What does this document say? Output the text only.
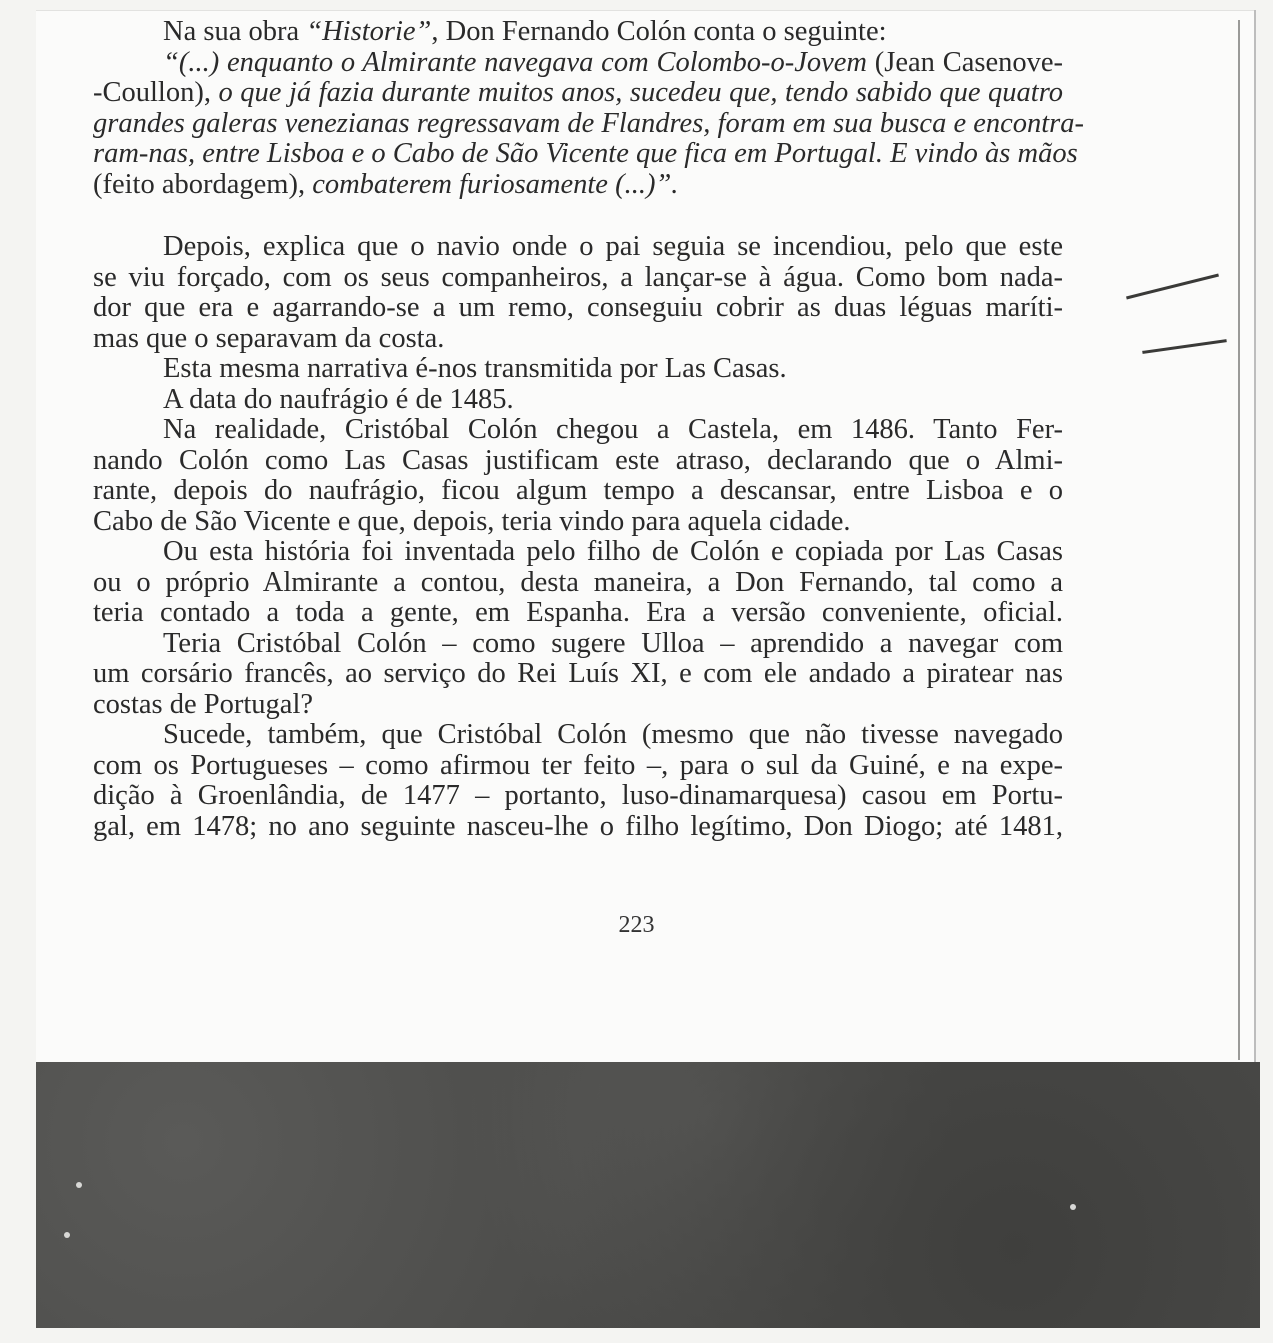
Na sua obra “Historie”, Don Fernando Colón conta o seguinte:
“(...) enquanto o Almirante navegava com Colombo-o-Jovem (Jean Casenove-
-Coullon), o que já fazia durante muitos anos, sucedeu que, tendo sabido que quatro
grandes galeras venezianas regressavam de Flandres, foram em sua busca e encontra-
ram-nas, entre Lisboa e o Cabo de São Vicente que fica em Portugal. E vindo às mãos
(feito abordagem), combaterem furiosamente (...)”.
Depois, explica que o navio onde o pai seguia se incendiou, pelo que este
se viu forçado, com os seus companheiros, a lançar-se à água. Como bom nada-
dor que era e agarrando-se a um remo, conseguiu cobrir as duas léguas maríti-
mas que o separavam da costa.
Esta mesma narrativa é-nos transmitida por Las Casas.
A data do naufrágio é de 1485.
Na realidade, Cristóbal Colón chegou a Castela, em 1486. Tanto Fer-
nando Colón como Las Casas justificam este atraso, declarando que o Almi-
rante, depois do naufrágio, ficou algum tempo a descansar, entre Lisboa e o
Cabo de São Vicente e que, depois, teria vindo para aquela cidade.
Ou esta história foi inventada pelo filho de Colón e copiada por Las Casas
ou o próprio Almirante a contou, desta maneira, a Don Fernando, tal como a
teria contado a toda a gente, em Espanha. Era a versão conveniente, oficial.
Teria Cristóbal Colón – como sugere Ulloa – aprendido a navegar com
um corsário francês, ao serviço do Rei Luís XI, e com ele andado a piratear nas
costas de Portugal?
Sucede, também, que Cristóbal Colón (mesmo que não tivesse navegado
com os Portugueses – como afirmou ter feito –, para o sul da Guiné, e na expe-
dição à Groenlândia, de 1477 – portanto, luso-dinamarquesa) casou em Portu-
gal, em 1478; no ano seguinte nasceu-lhe o filho legítimo, Don Diogo; até 1481,
223
